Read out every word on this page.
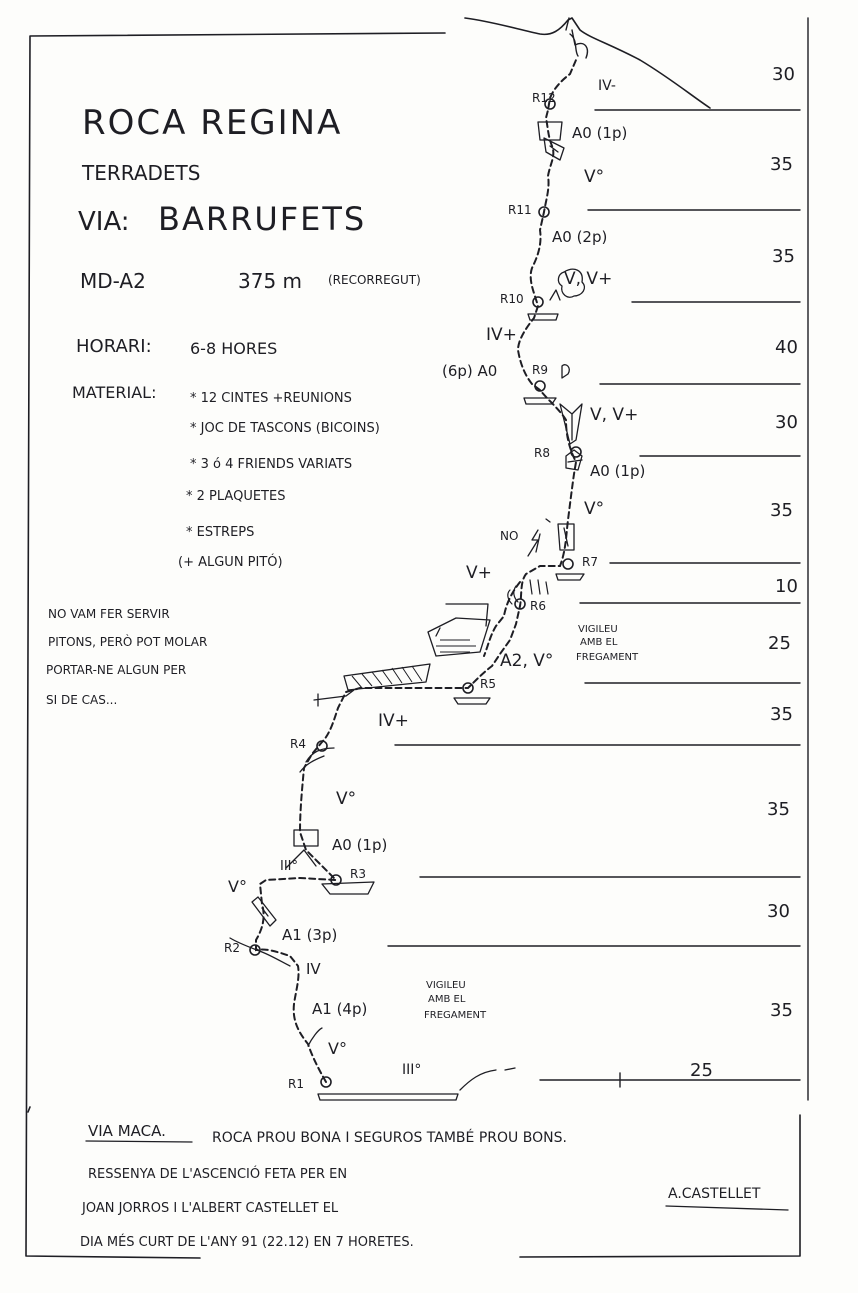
30
35
35
40
30
35
10
25
35
35
30
35
25
R1
R2
R3
R4
R5
R6
R7
R8
R9
R10
R11
R12
IV-
A0 (1p)
V°
A0 (2p)
V, V+
IV+
(6p) A0
V, V+
A0 (1p)
V°
NO
V+
A2, V°
IV+
V°
A0 (1p)
III°
V°
A1 (3p)
IV
A1 (4p)
V°
III°
VIGILEU
AMB EL
FREGAMENT
VIGILEU
AMB EL
FREGAMENT
ROCA REGINA
TERRADETS
VIA: BARRUFETS
MD-A2	375 m (RECORREGUT)
HORARI: 6-8 HORES
MATERIAL:	* 12 CINTES +REUNIONS
* JOC DE TASCONS (BICOINS)
* 3 ó 4 FRIENDS VARIATS
* 2 PLAQUETES
* ESTREPS
(+ ALGUN PITÓ)
NO VAM FER SERVIR
PITONS, PERÒ POT MOLAR
PORTAR-NE ALGUN PER
SI DE CAS...
VIA MACA.	ROCA PROU BONA I SEGUROS TAMBÉ PROU BONS.
RESSENYA DE L'ASCENCIÓ FETA PER EN
JOAN JORROS I L'ALBERT CASTELLET EL
DIA MÉS CURT DE L'ANY 91 (22.12) EN 7 HORETES.
A.CASTELLET
